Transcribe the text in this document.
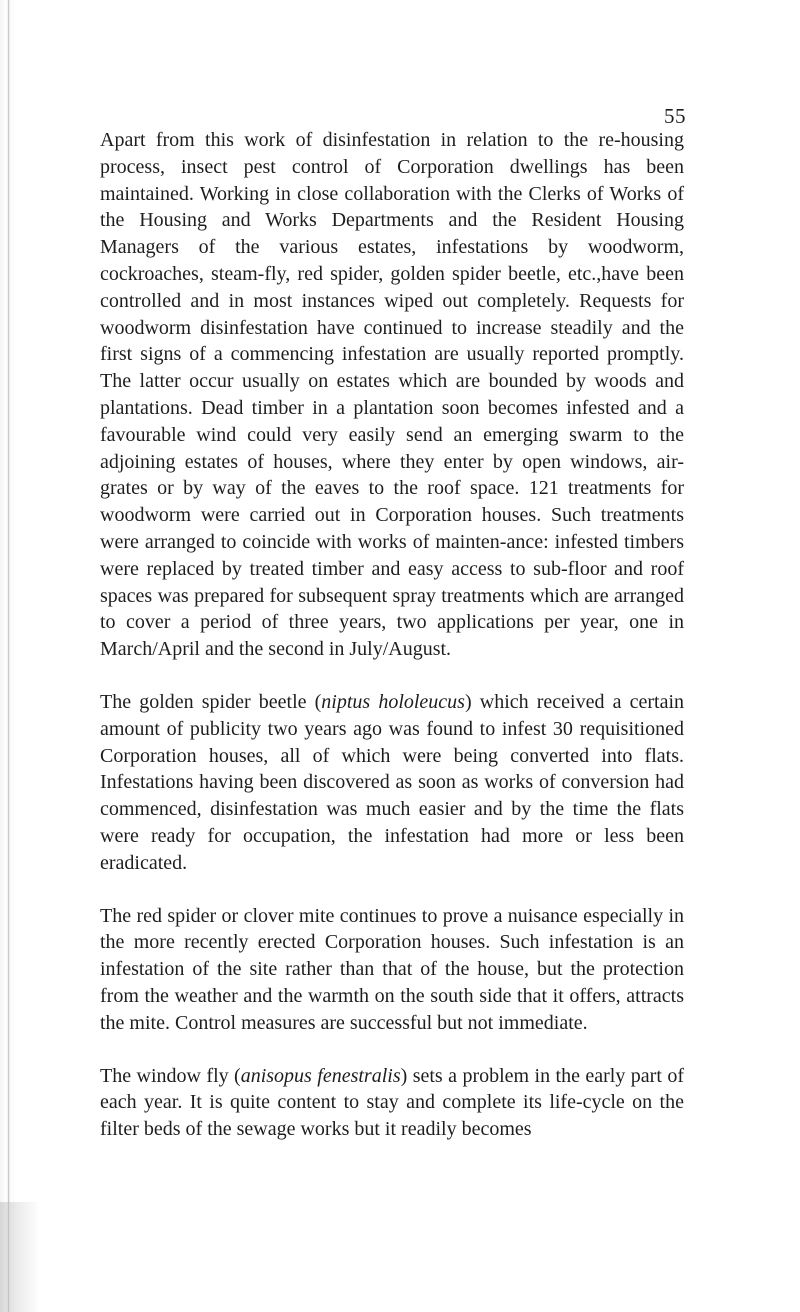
55

Apart from this work of disinfestation in relation to the re-housing process, insect pest control of Corporation dwellings has been maintained. Working in close collaboration with the Clerks of Works of the Housing and Works Departments and the Resident Housing Managers of the various estates, infestations by woodworm, cockroaches, steam-fly, red spider, golden spider beetle, etc.,have been controlled and in most instances wiped out completely. Requests for woodworm disinfestation have continued to increase steadily and the first signs of a commencing infestation are usually reported promptly. The latter occur usually on estates which are bounded by woods and plantations. Dead timber in a plantation soon becomes infested and a favourable wind could very easily send an emerging swarm to the adjoining estates of houses, where they enter by open windows, air-grates or by way of the eaves to the roof space. 121 treatments for woodworm were carried out in Corporation houses. Such treatments were arranged to coincide with works of mainten-ance: infested timbers were replaced by treated timber and easy access to sub-floor and roof spaces was prepared for subsequent spray treatments which are arranged to cover a period of three years, two applications per year, one in March/April and the second in July/August.

The golden spider beetle (niptus hololeucus) which received a certain amount of publicity two years ago was found to infest 30 requisitioned Corporation houses, all of which were being converted into flats. Infestations having been discovered as soon as works of conversion had commenced, disinfestation was much easier and by the time the flats were ready for occupation, the infestation had more or less been eradicated.

The red spider or clover mite continues to prove a nuisance especially in the more recently erected Corporation houses. Such infestation is an infestation of the site rather than that of the house, but the protection from the weather and the warmth on the south side that it offers, attracts the mite. Control measures are successful but not immediate.

The window fly (anisopus fenestralis) sets a problem in the early part of each year. It is quite content to stay and complete its life-cycle on the filter beds of the sewage works but it readily becomes
